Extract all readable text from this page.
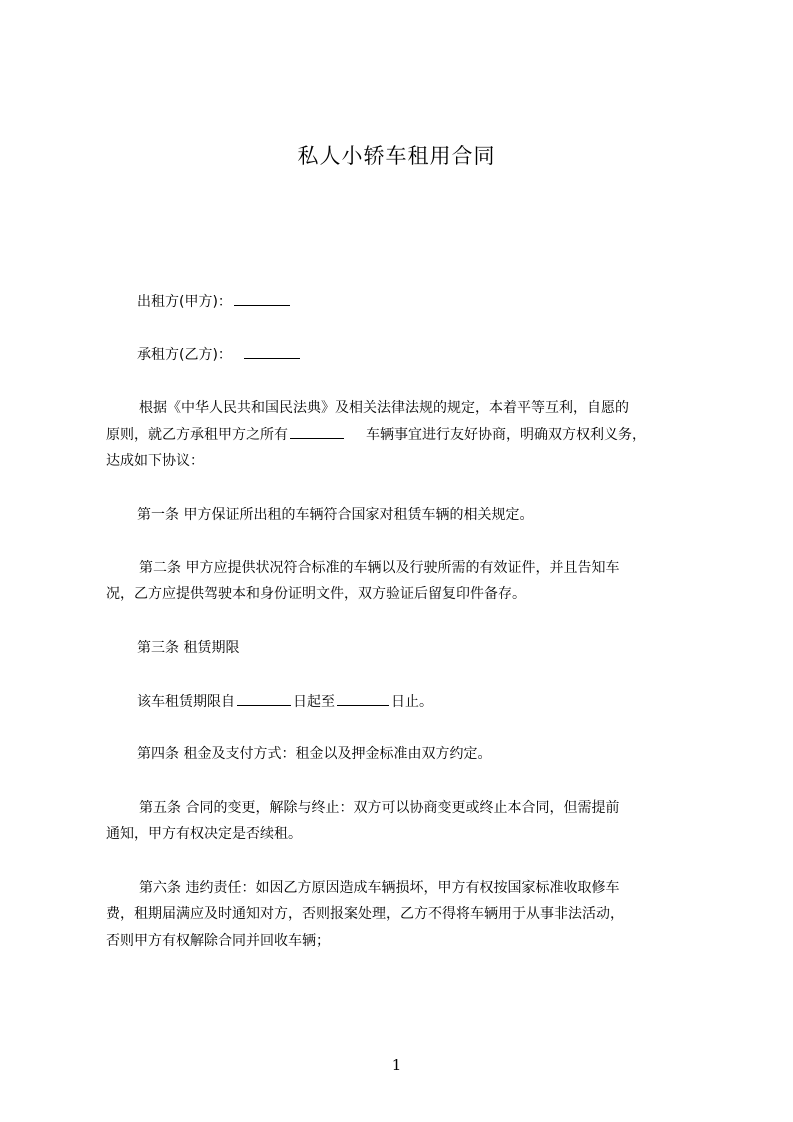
私人小轿车租用合同
出租方(甲方)：
承租方(乙方)：
根据《中华人民共和国民法典》及相关法律法规的规定，本着平等互利，自愿的
原则，就乙方承租甲方之所有	车辆事宜进行友好协商，明确双方权利义务，
达成如下协议：
第一条 甲方保证所出租的车辆符合国家对租赁车辆的相关规定。
第二条 甲方应提供状况符合标准的车辆以及行驶所需的有效证件，并且告知车
况，乙方应提供驾驶本和身份证明文件，双方验证后留复印件备存。
第三条 租赁期限
该车租赁期限自	日起至	日止。
第四条 租金及支付方式：租金以及押金标准由双方约定。
第五条 合同的变更，解除与终止：双方可以协商变更或终止本合同，但需提前
通知，甲方有权决定是否续租。
第六条 违约责任：如因乙方原因造成车辆损坏，甲方有权按国家标准收取修车
费，租期届满应及时通知对方，否则报案处理，乙方不得将车辆用于从事非法活动，
否则甲方有权解除合同并回收车辆；
1
